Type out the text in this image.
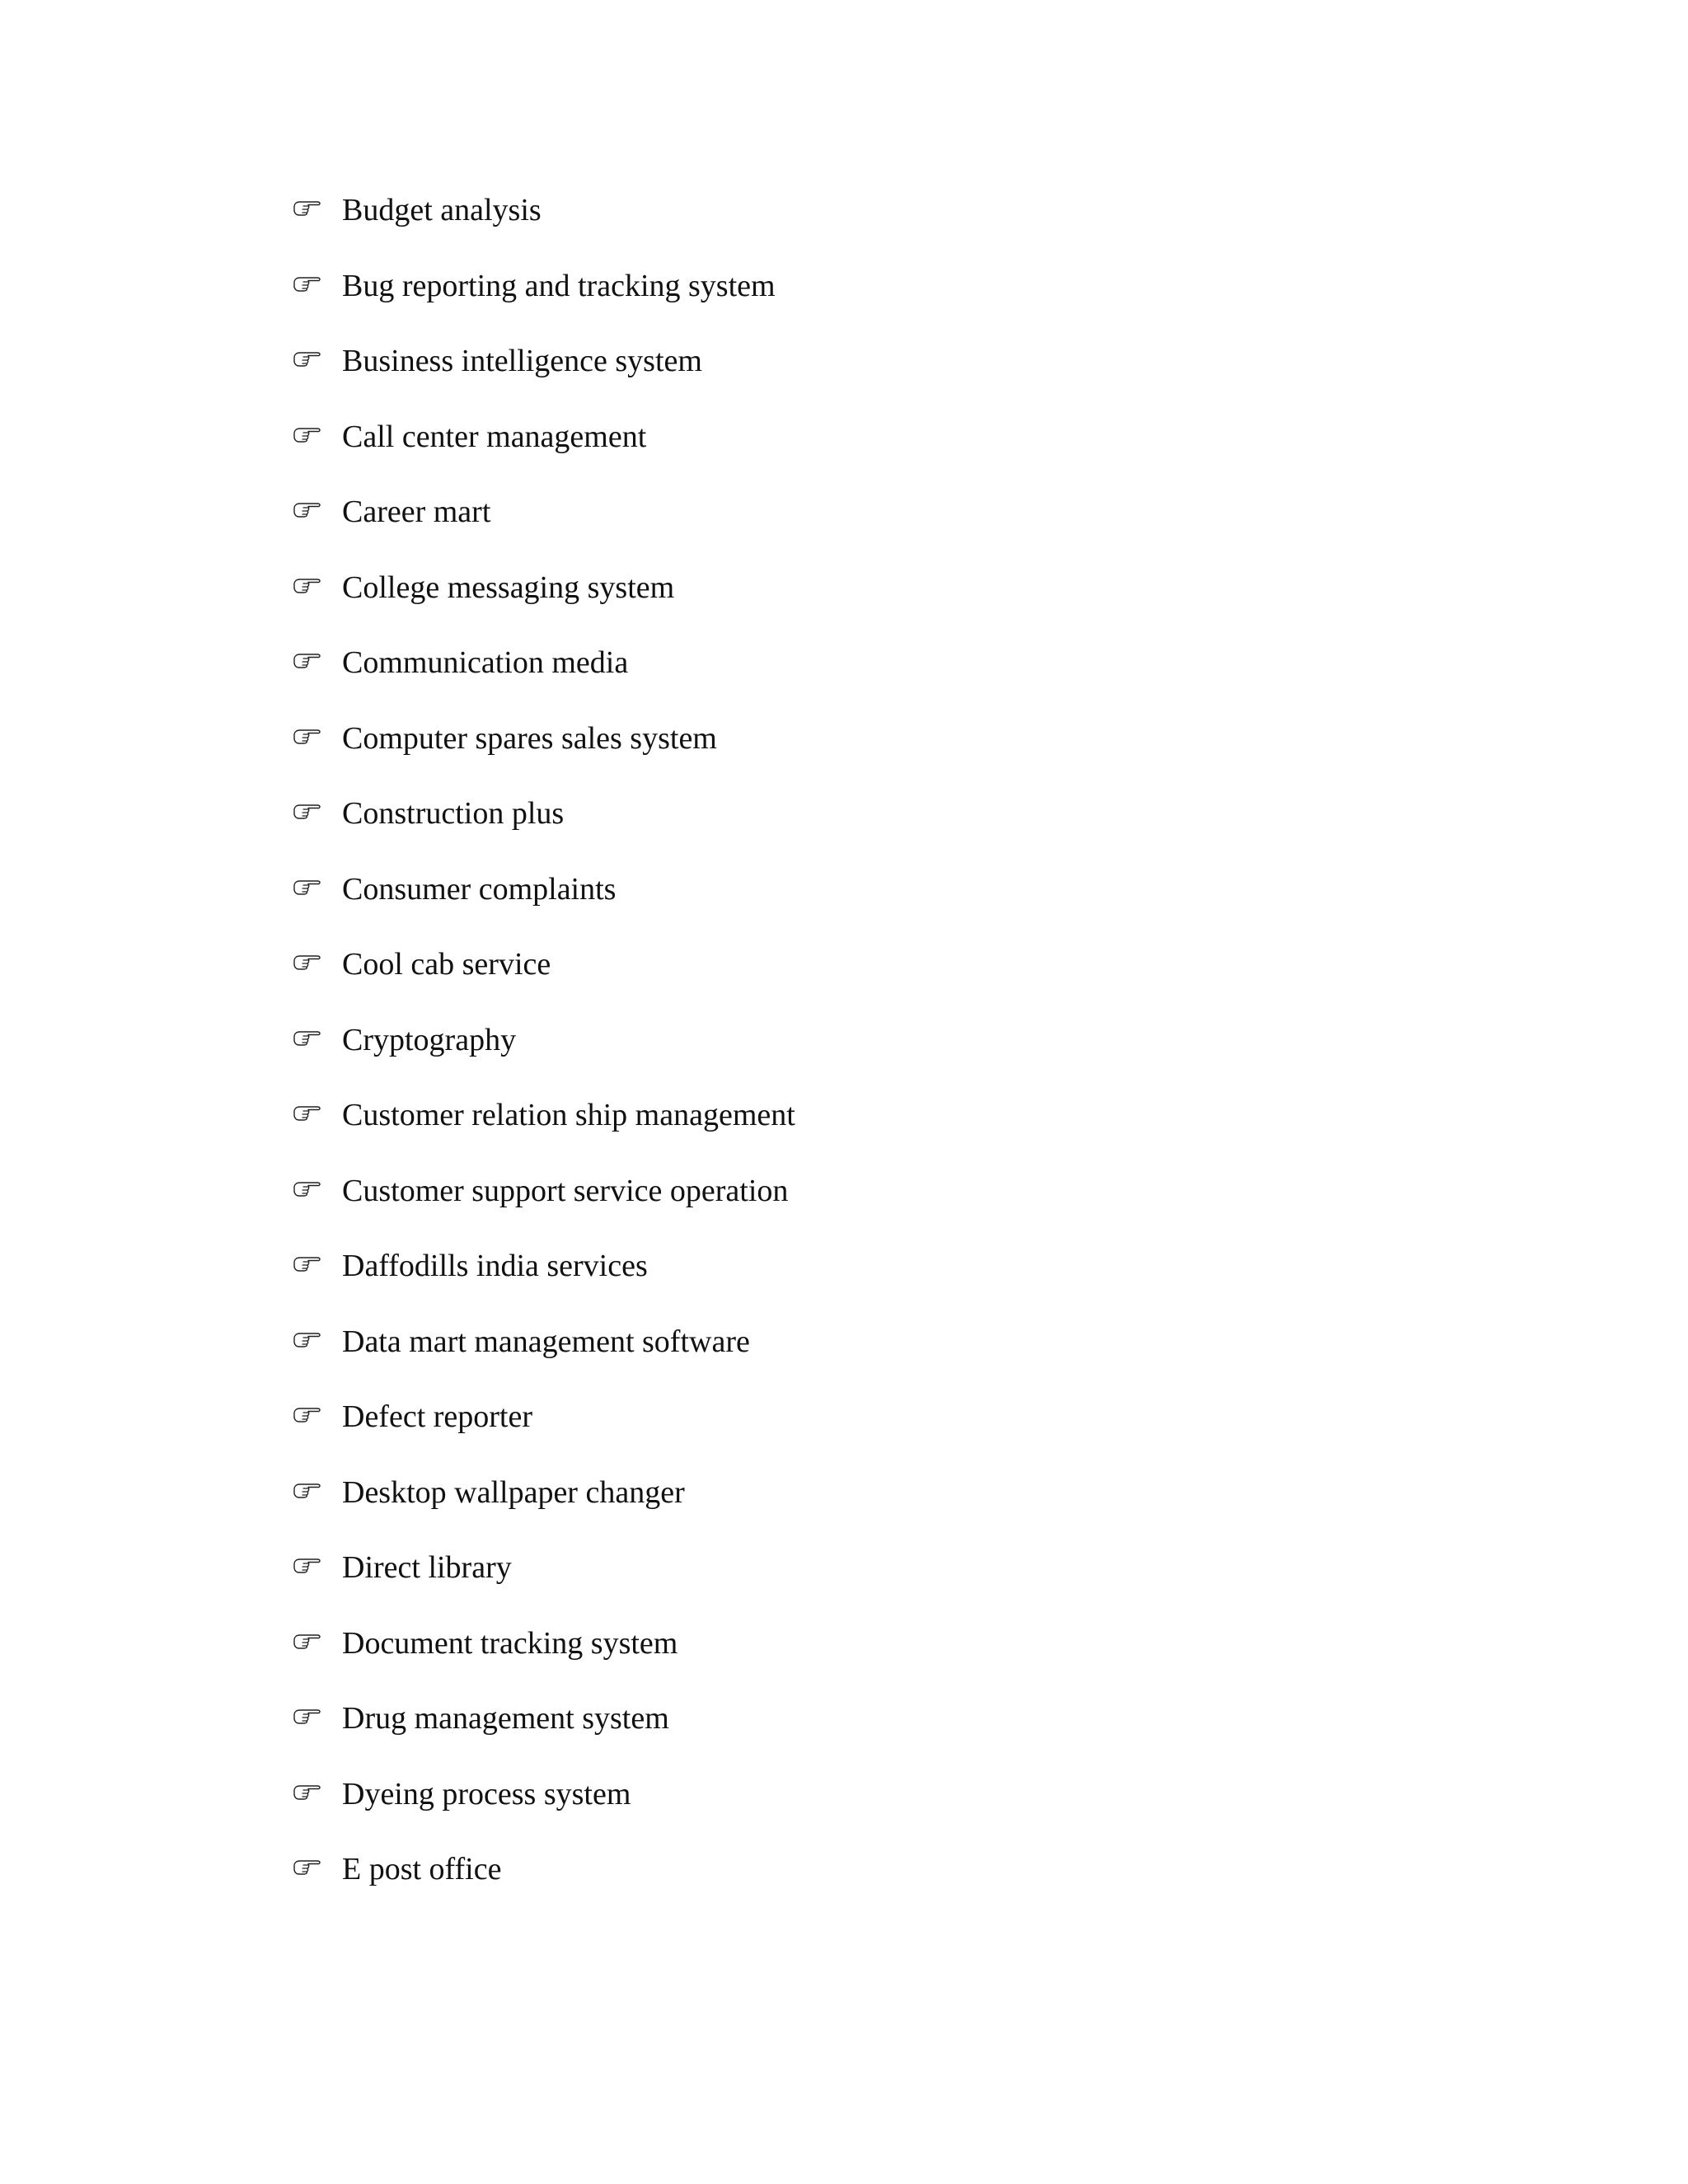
Budget analysis
Bug reporting and tracking system
Business intelligence system
Call center management
Career mart
College messaging system
Communication media
Computer spares sales system
Construction plus
Consumer complaints
Cool cab service
Cryptography
Customer relation ship management
Customer support service operation
Daffodills india services
Data mart management software
Defect reporter
Desktop wallpaper changer
Direct library
Document tracking system
Drug management system
Dyeing process system
E post office
